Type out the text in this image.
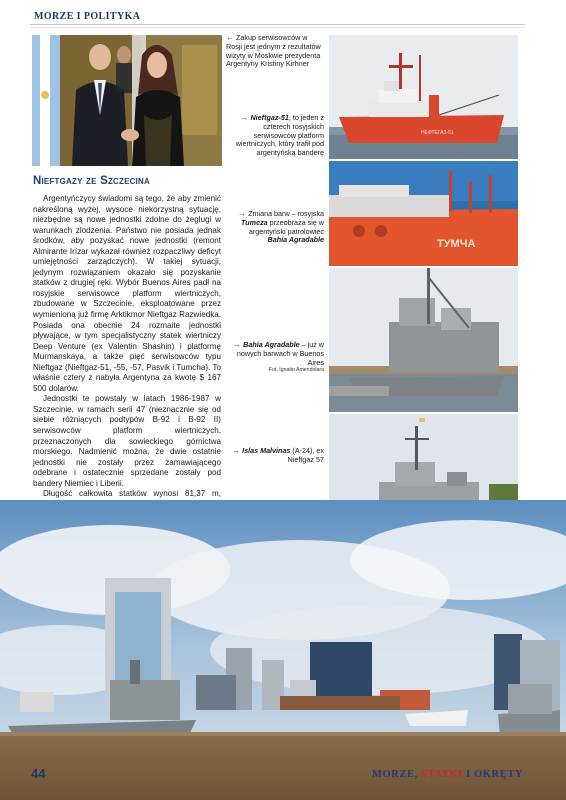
MORZE I POLITYKA
Nieftgazy ze Szczecina

Argentyńczycy świadomi są tego, że aby zmienić nakreśloną wyżej, wysoce niekorzystną sytuację, niezbędne są nowe jednostki zdolne do żeglugi w warunkach zlodzenia. Państwo nie posiada jednak środków, aby pozyskać nowe jednostki (remont Almirante Irízar wykazał również rozpaczliwy deficyt umiejętności zarządczych). W takiej sytuacji, jedynym rozwiązaniem okazało się pozyskanie statków z drugiej ręki. Wybór Buenos Aires padł na rosyjskie serwisowce platform wiertniczych, zbudowane w Szczecinie, eksploatowane przez wymienioną już firmę Arktikmor Nieftgaz Razwiedka. Posiada ona obecnie 24 rozmaite jednostki pływające, w tym specjalistyczny statek wiertniczy Deep Venture (ex Valentin Shashin) i platformę Murmanskaya, a także pięć serwisowców typu Nieftgaz (Nieftgaz-51, -55, -57, Pasvik i Tumcha). To właśnie cztery z nabyła Argentyna za kwotę $ 167 500 dolarów.

Jednostki te powstały w latach 1986-1987 w Szczecinie, w ramach serii 47 (nieznacznie się od siebie różniących podtypów B-92 i B-92 II) serwisowców platform wiertniczych, przeznaczonych dla sowieckiego górnictwa morskiego. Nadmienić można, że dwie ostatnie jednostki nie zostały przez zamawiającego odebrane i ostatecznie sprzedane zostały pod bandery Niemiec i Liberii.

Długość całkowita statków wynosi 81,37 m,

НЕФТЕГАЗ-51
ТУМЧА
← Zakup serwisowców w Rosji jest jednym z rezultatów wizyty w Moskwie prezydenta Argentyny Kristiny Kirhner
→ Nieftgaz-51, to jeden z czterech rosyjskich serwisowców platform wiertniczych, który trafił pod argentyńską banderę
→ Zmiana barw – rosyjska Tumcza przeobraża się w argentyński patrolowiec Bahía Agradable
→ Bahía Agradable – już w nowych barwach w Buenos Aires
Fot. Ignatio Amendolara
→ Islas Malvinas (A-24), ex Nieftgaz 57
44	MORZE, STATKI I OKRĘTY
